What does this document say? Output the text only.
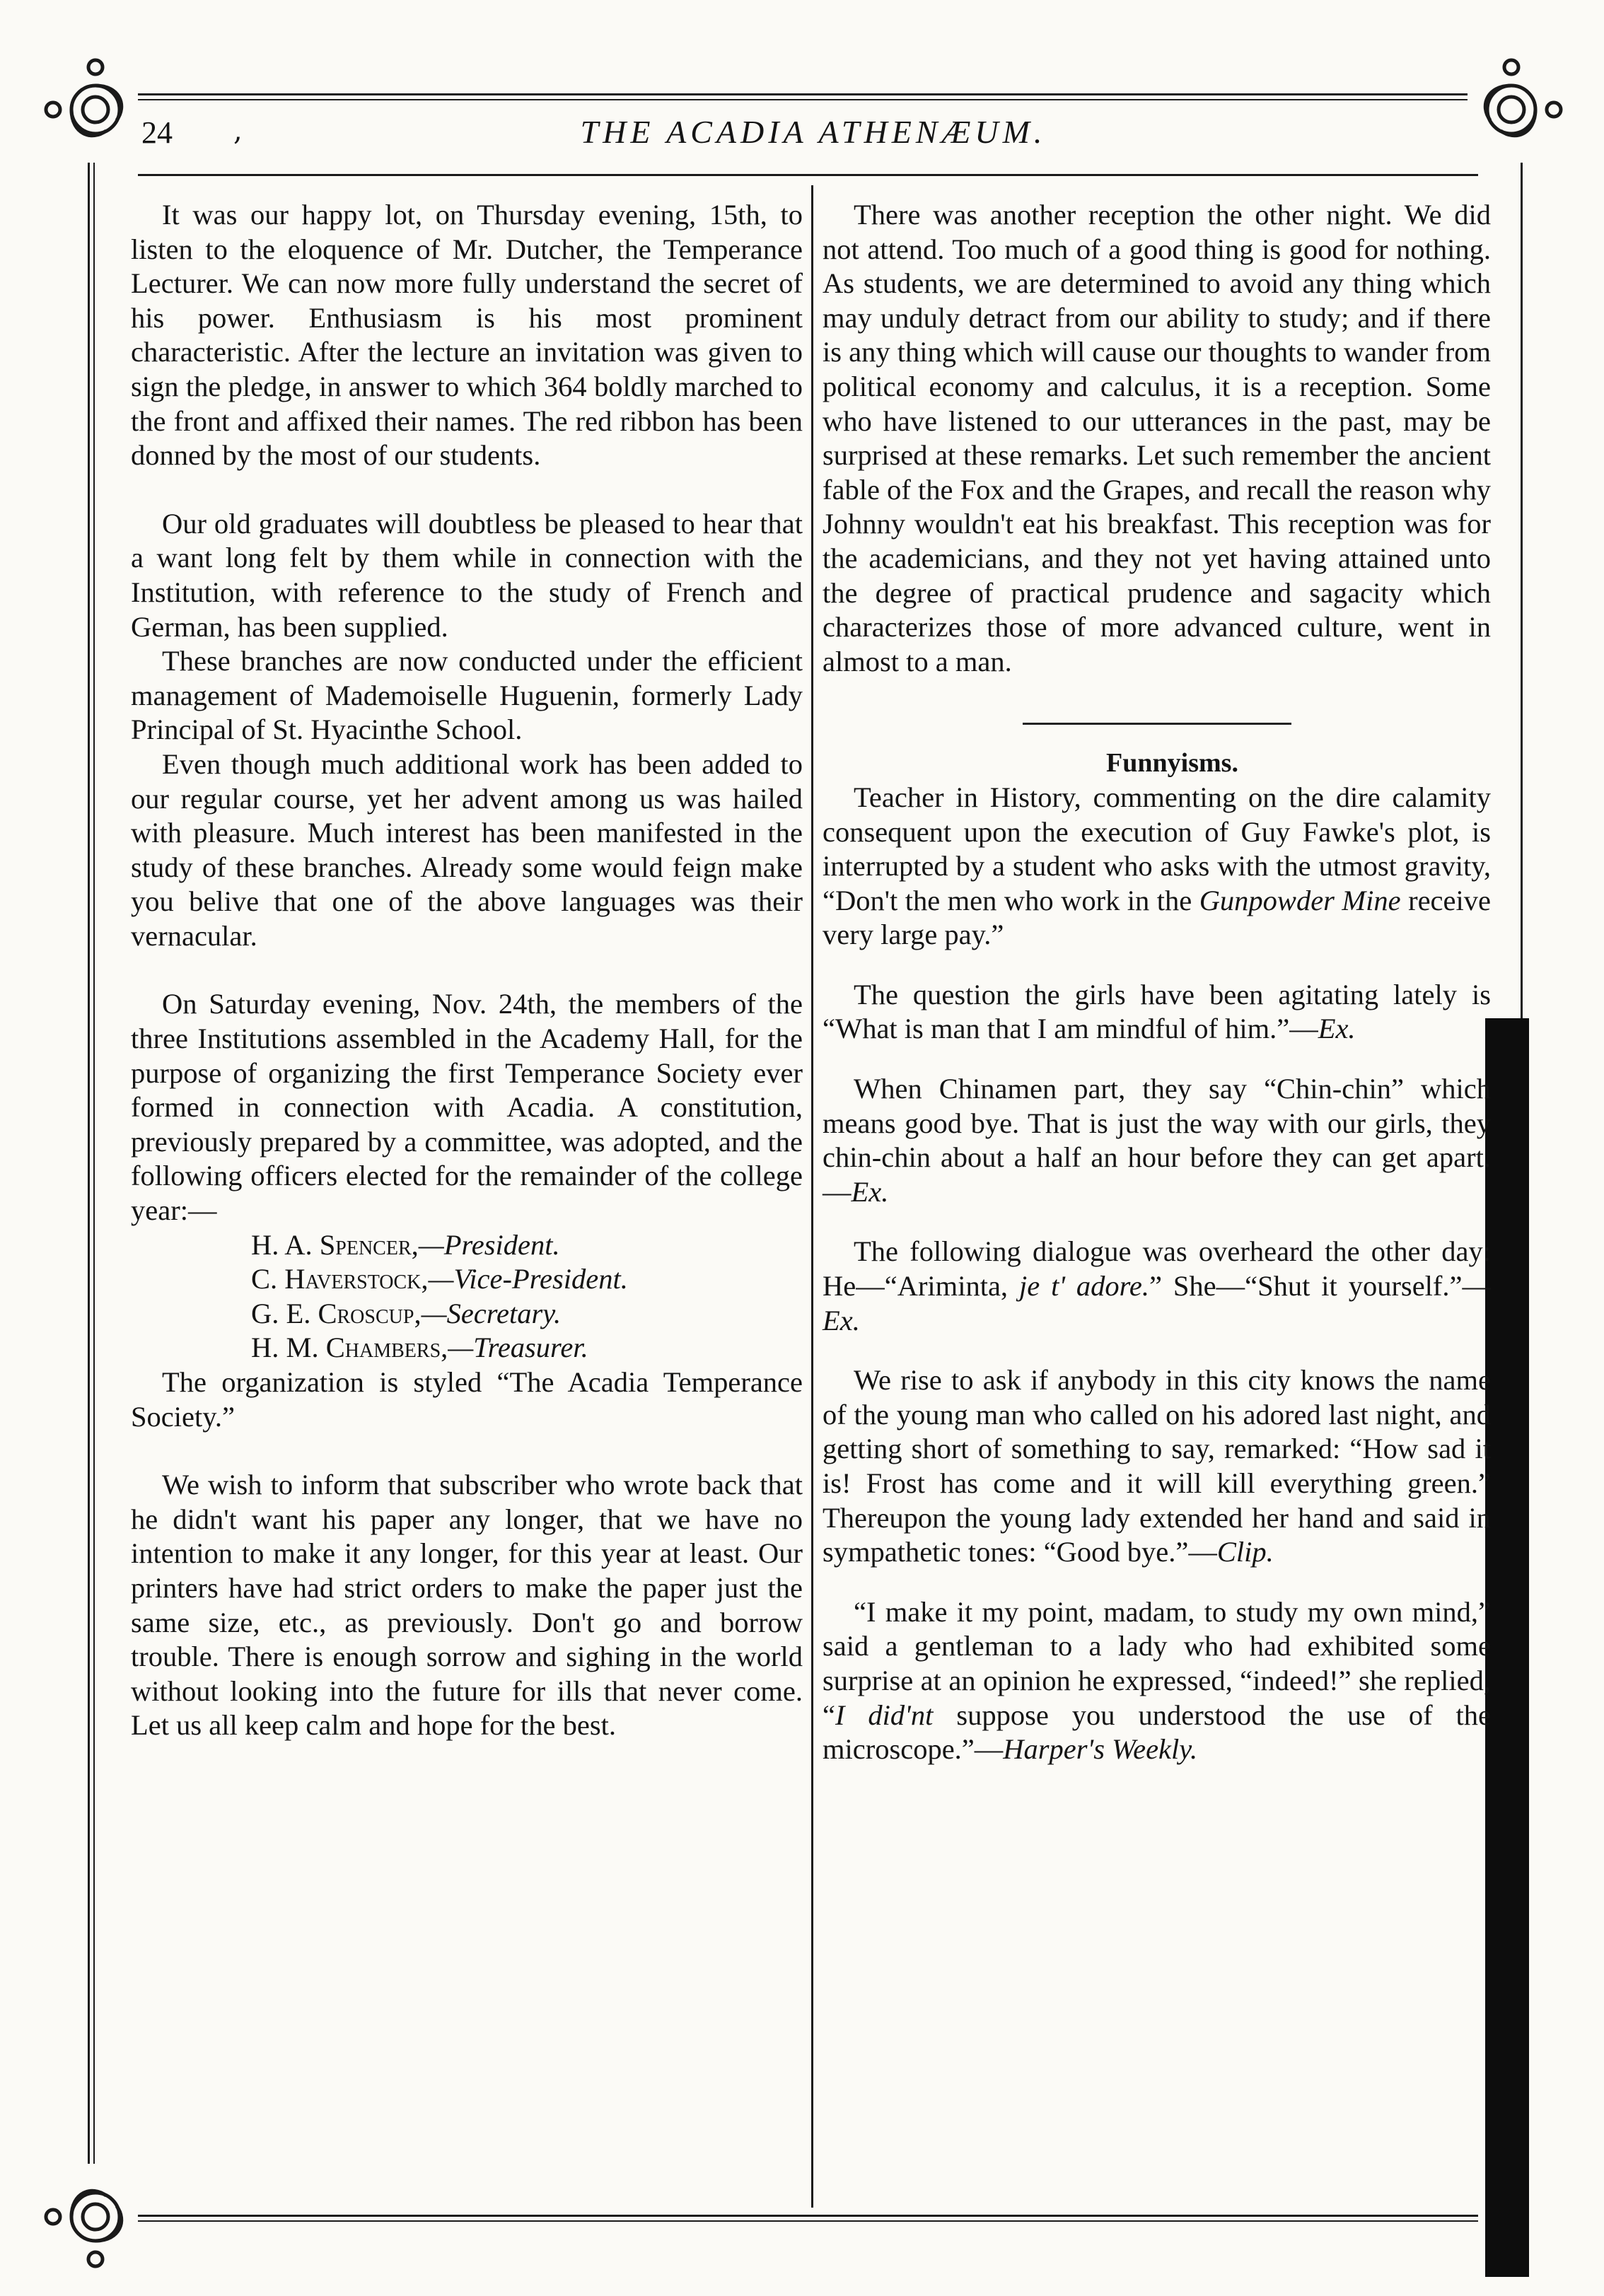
24 ,	THE ACADIA ATHENÆUM.

It was our happy lot, on Thursday evening, 15th, to listen to the eloquence of Mr. Dutcher, the Temperance Lecturer. We can now more fully understand the secret of his power. Enthusiasm is his most prominent characteristic. After the lecture an invitation was given to sign the pledge, in answer to which 364 boldly marched to the front and affixed their names. The red ribbon has been donned by the most of our students.

Our old graduates will doubtless be pleased to hear that a want long felt by them while in connection with the Institution, with reference to the study of French and German, has been supplied.

These branches are now conducted under the efficient management of Mademoiselle Huguenin, formerly Lady Principal of St. Hyacinthe School.

Even though much additional work has been added to our regular course, yet her advent among us was hailed with pleasure. Much interest has been manifested in the study of these branches. Already some would feign make you belive that one of the above languages was their vernacular.

On Saturday evening, Nov. 24th, the members of the three Institutions assembled in the Academy Hall, for the purpose of organizing the first Temperance Society ever formed in connection with Acadia. A constitution, previously prepared by a committee, was adopted, and the following officers elected for the remainder of the college year:—

H. A. Spencer,—President.
C. Haverstock,—Vice-President.
G. E. Croscup,—Secretary.
H. M. Chambers,—Treasurer.

The organization is styled “The Acadia Temperance Society.”

We wish to inform that subscriber who wrote back that he didn't want his paper any longer, that we have no intention to make it any longer, for this year at least. Our printers have had strict orders to make the paper just the same size, etc., as previously. Don't go and borrow trouble. There is enough sorrow and sighing in the world without looking into the future for ills that never come. Let us all keep calm and hope for the best.

There was another reception the other night. We did not attend. Too much of a good thing is good for nothing. As students, we are determined to avoid any thing which may unduly detract from our ability to study; and if there is any thing which will cause our thoughts to wander from political economy and calculus, it is a reception. Some who have listened to our utterances in the past, may be surprised at these remarks. Let such remember the ancient fable of the Fox and the Grapes, and recall the reason why Johnny wouldn't eat his breakfast. This reception was for the academicians, and they not yet having attained unto the degree of practical prudence and sagacity which characterizes those of more advanced culture, went in almost to a man.

Funnyisms.

Teacher in History, commenting on the dire calamity consequent upon the execution of Guy Fawke's plot, is interrupted by a student who asks with the utmost gravity, “Don't the men who work in the Gunpowder Mine receive very large pay.”

The question the girls have been agitating lately is “What is man that I am mindful of him.”—Ex.

When Chinamen part, they say “Chin-chin” which means good bye. That is just the way with our girls, they chin-chin about a half an hour before they can get apart.—Ex.

The following dialogue was overheard the other day: He—“Ariminta, je t' adore.” She—“Shut it yourself.”—Ex.

We rise to ask if anybody in this city knows the name of the young man who called on his adored last night, and getting short of something to say, remarked: “How sad it is! Frost has come and it will kill everything green.” Thereupon the young lady extended her hand and said in sympathetic tones: “Good bye.”—Clip.

“I make it my point, madam, to study my own mind,” said a gentleman to a lady who had exhibited some surprise at an opinion he expressed, “indeed!” she replied, “I did'nt suppose you understood the use of the microscope.”—Harper's Weekly.
